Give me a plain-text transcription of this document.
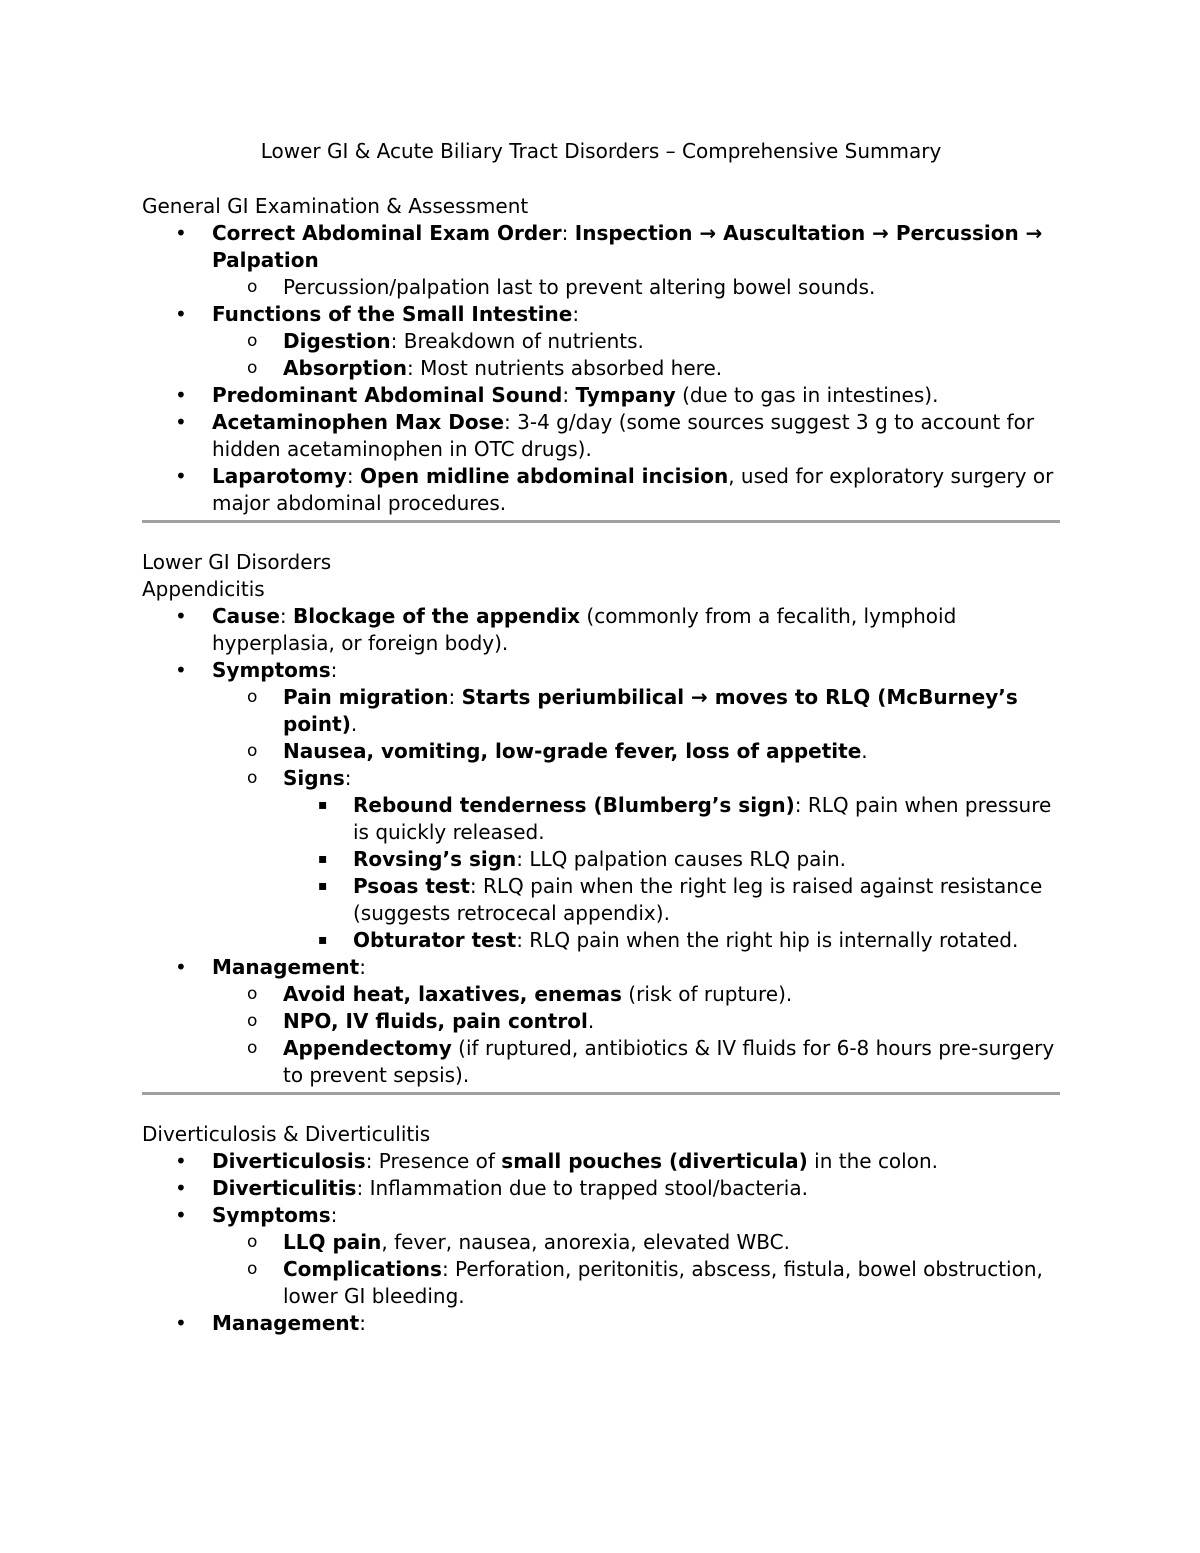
Lower GI & Acute Biliary Tract Disorders – Comprehensive Summary
General GI Examination & Assessment
• Correct Abdominal Exam Order: Inspection → Auscultation → Percussion → Palpation
o Percussion/palpation last to prevent altering bowel sounds.
• Functions of the Small Intestine:
o Digestion: Breakdown of nutrients.
o Absorption: Most nutrients absorbed here.
• Predominant Abdominal Sound: Tympany (due to gas in intestines).
• Acetaminophen Max Dose: 3-4 g/day (some sources suggest 3 g to account for hidden acetaminophen in OTC drugs).
• Laparotomy: Open midline abdominal incision, used for exploratory surgery or major abdominal procedures.
Lower GI Disorders
Appendicitis
• Cause: Blockage of the appendix (commonly from a fecalith, lymphoid hyperplasia, or foreign body).
• Symptoms:
o Pain migration: Starts periumbilical → moves to RLQ (McBurney’s point).
o Nausea, vomiting, low-grade fever, loss of appetite.
o Signs:
▪ Rebound tenderness (Blumberg’s sign): RLQ pain when pressure is quickly released.
▪ Rovsing’s sign: LLQ palpation causes RLQ pain.
▪ Psoas test: RLQ pain when the right leg is raised against resistance (suggests retrocecal appendix).
▪ Obturator test: RLQ pain when the right hip is internally rotated.
• Management:
o Avoid heat, laxatives, enemas (risk of rupture).
o NPO, IV fluids, pain control.
o Appendectomy (if ruptured, antibiotics & IV fluids for 6-8 hours pre-surgery to prevent sepsis).
Diverticulosis & Diverticulitis
• Diverticulosis: Presence of small pouches (diverticula) in the colon.
• Diverticulitis: Inflammation due to trapped stool/bacteria.
• Symptoms:
o LLQ pain, fever, nausea, anorexia, elevated WBC.
o Complications: Perforation, peritonitis, abscess, fistula, bowel obstruction, lower GI bleeding.
• Management:
